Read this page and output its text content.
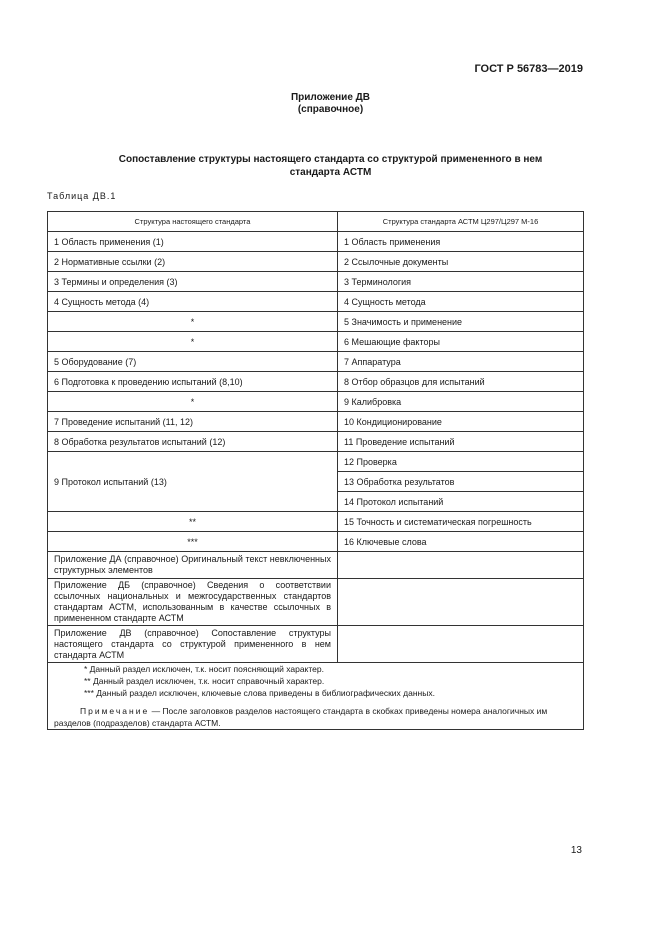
ГОСТ Р 56783—2019
Приложение ДВ
(справочное)
Сопоставление структуры настоящего стандарта со структурой примененного в нем
стандарта АСТМ
Таблица ДВ.1
Структура настоящего стандарта	Структура стандарта АСТМ Ц297/Ц297 М-16
1 Область применения (1)	1 Область применения
2 Нормативные ссылки (2)	2 Ссылочные документы
3 Термины и определения (3)	3 Терминология
4 Сущность метода (4)	4 Сущность метода
*	5 Значимость и применение
*	6 Мешающие факторы
5 Оборудование (7)	7 Аппаратура
6 Подготовка к проведению испытаний (8,10)	8 Отбор образцов для испытаний
*	9 Калибровка
7 Проведение испытаний (11, 12)	10 Кондиционирование
8 Обработка результатов испытаний (12)	11 Проведение испытаний
9 Протокол испытаний (13)	12 Проверка
	13 Обработка результатов
	14 Протокол испытаний
**	15 Точность и систематическая погрешность
***	16 Ключевые слова
Приложение ДА (справочное) Оригинальный текст невключенных структурных элементов	
Приложение ДБ (справочное) Сведения о соответствии ссылочных национальных и межгосударственных стандартов стандартам АСТМ, использованным в качестве ссылочных в примененном стандарте АСТМ	
Приложение ДВ (справочное) Сопоставление структуры настоящего стандарта со структурой примененного в нем стандарта АСТМ	

* Данный раздел исключен, т.к. носит поясняющий характер.
** Данный раздел исключен, т.к. носит справочный характер.
*** Данный раздел исключен, ключевые слова приведены в библиографических данных.
Примечание — После заголовков разделов настоящего стандарта в скобках приведены номера аналогичных им разделов (подразделов) стандарта АСТМ.	
13
